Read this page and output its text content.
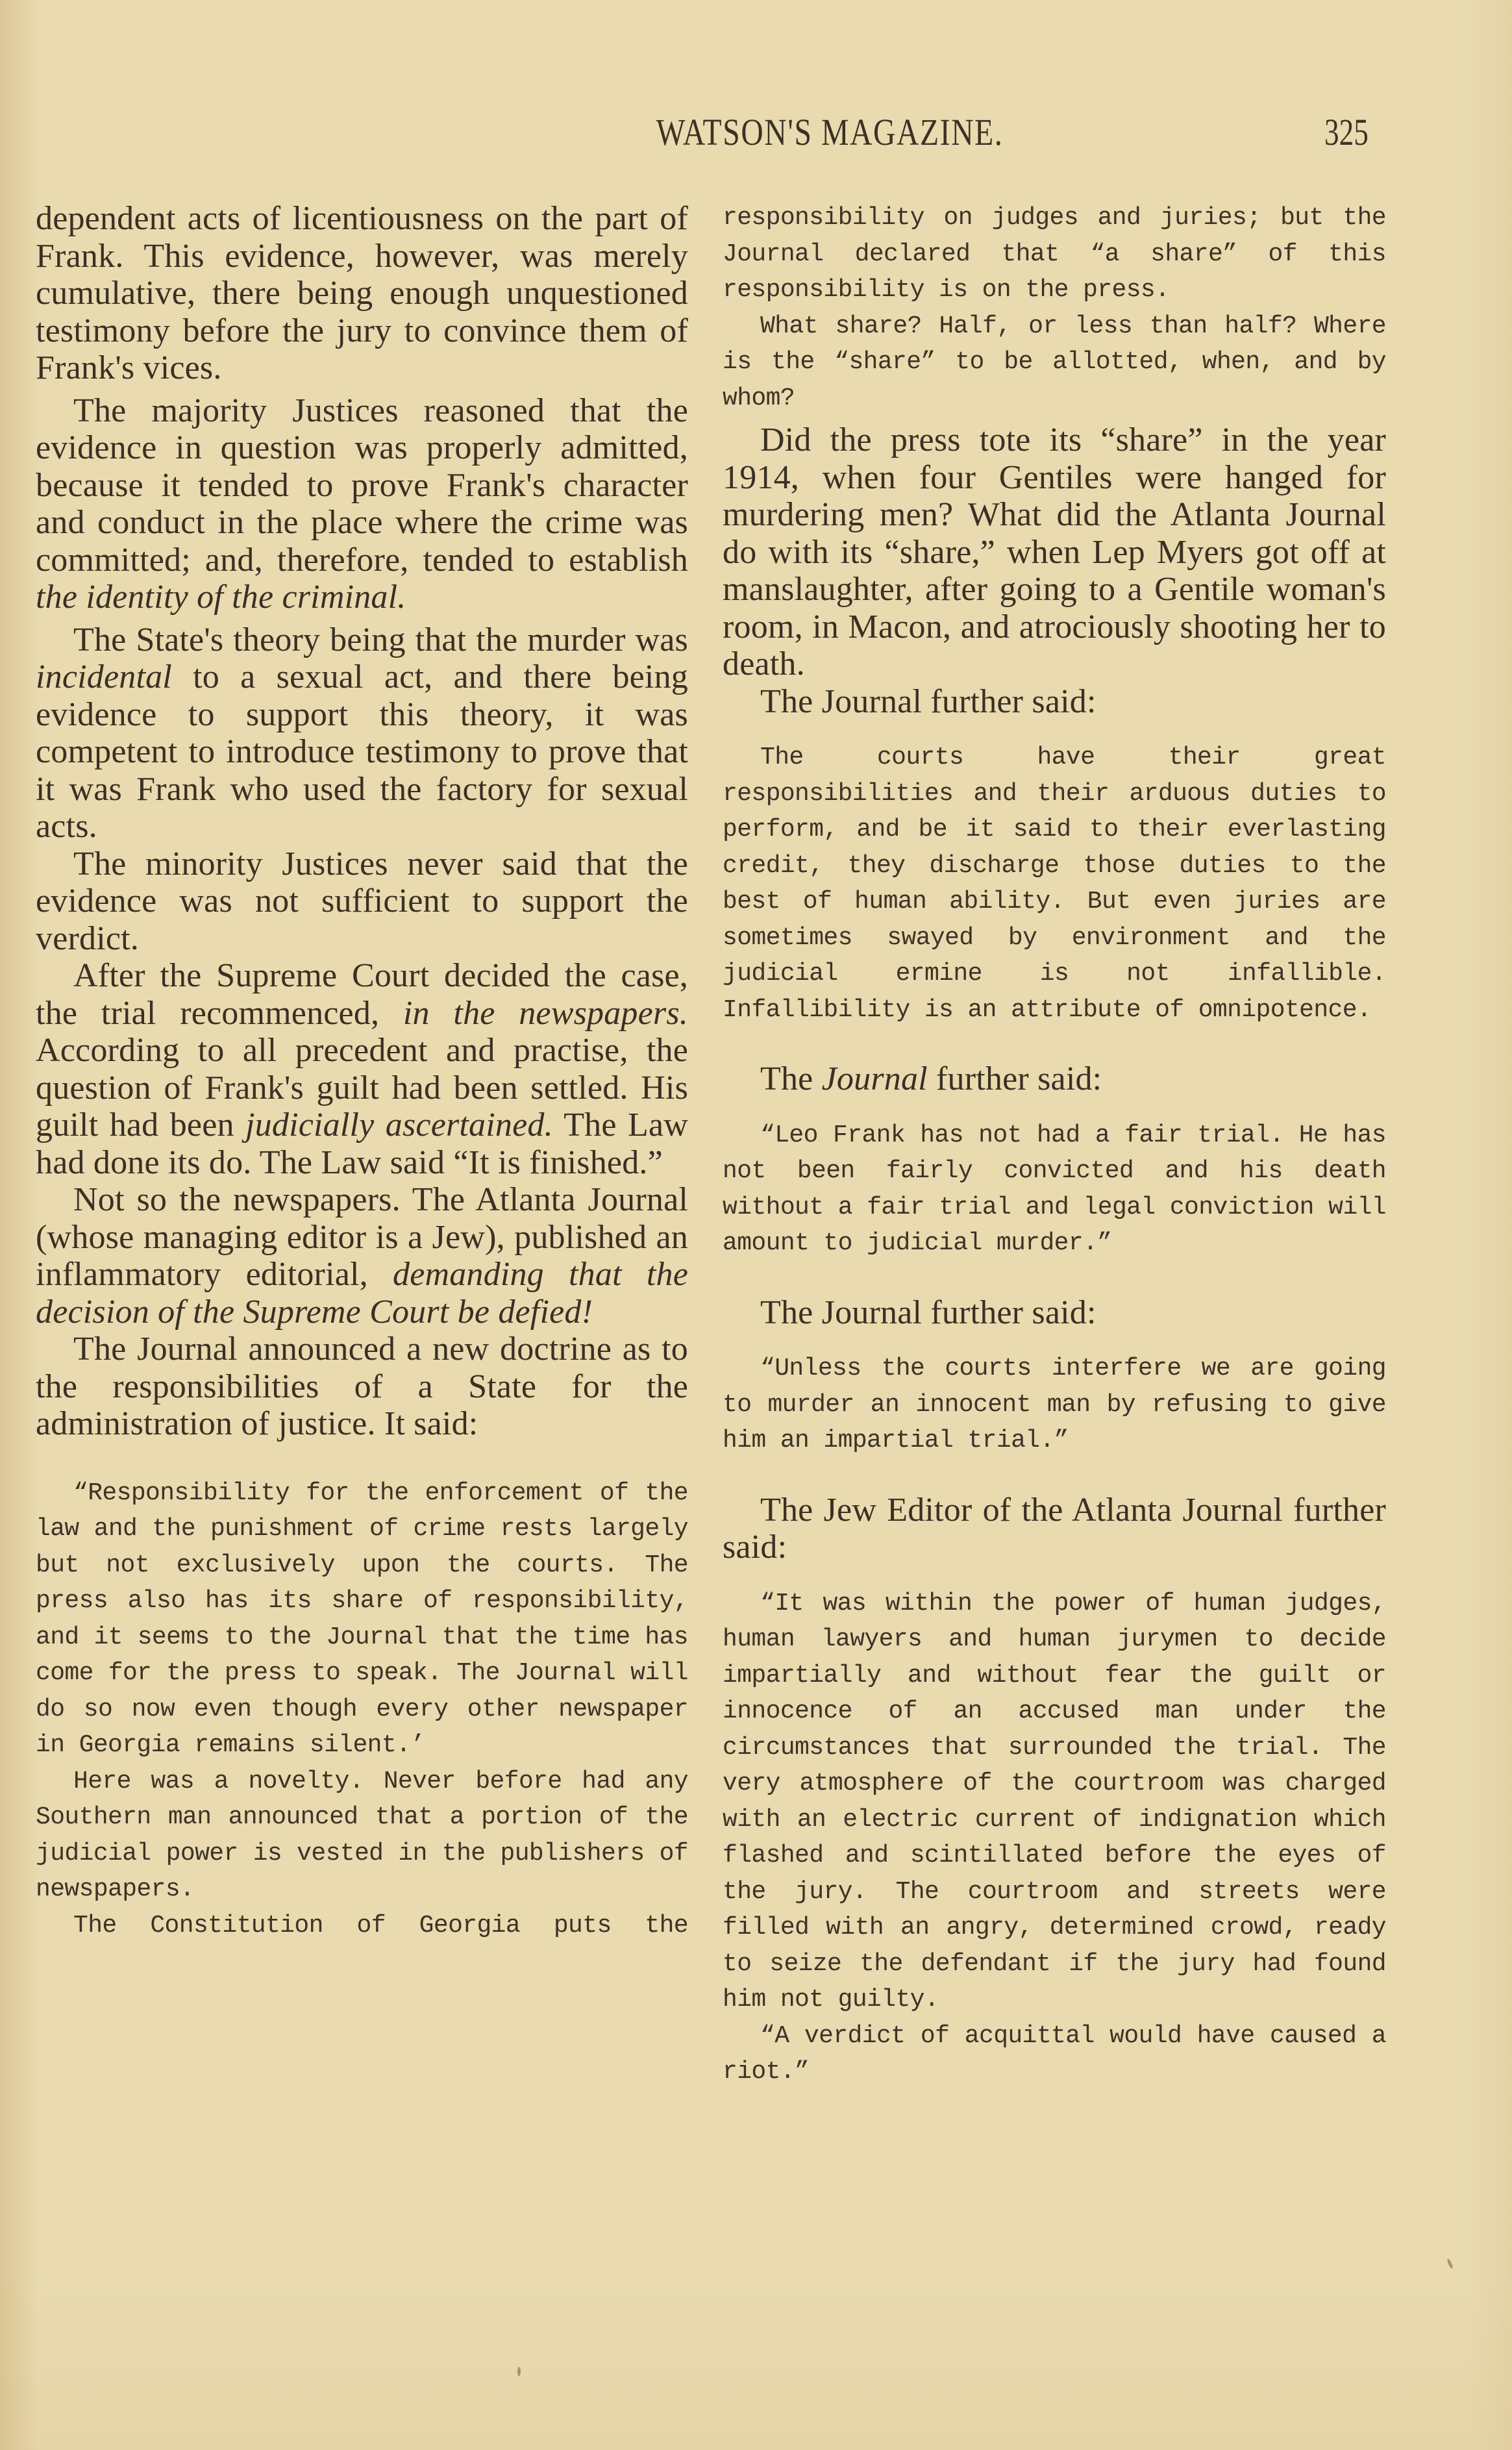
WATSON'S MAGAZINE.	325

dependent acts of licentiousness on the part of Frank. This evidence, however, was merely cumulative, there being enough unquestioned testimony before the jury to convince them of Frank's vices.

The majority Justices reasoned that the evidence in question was properly admitted, because it tended to prove Frank's character and conduct in the place where the crime was committed; and, therefore, tended to establish the identity of the criminal.

The State's theory being that the murder was incidental to a sexual act, and there being evidence to support this theory, it was competent to introduce testimony to prove that it was Frank who used the factory for sexual acts.

The minority Justices never said that the evidence was not sufficient to support the verdict.

After the Supreme Court decided the case, the trial recommenced, in the newspapers. According to all precedent and practise, the question of Frank's guilt had been settled. His guilt had been judicially ascertained. The Law had done its do. The Law said “It is finished.”

Not so the newspapers. The Atlanta Journal (whose managing editor is a Jew), published an inflammatory editorial, demanding that the decision of the Supreme Court be defied!

The Journal announced a new doctrine as to the responsibilities of a State for the administration of justice. It said:

“Responsibility for the enforcement of the law and the punishment of crime rests largely but not exclusively upon the courts. The press also has its share of responsibility, and it seems to the Journal that the time has come for the press to speak. The Journal will do so now even though every other newspaper in Georgia remains silent.’

Here was a novelty. Never before had any Southern man announced that a portion of the judicial power is vested in the publishers of newspapers.

The Constitution of Georgia puts the

responsibility on judges and juries; but the Journal declared that “a share” of this responsibility is on the press.

What share? Half, or less than half? Where is the “share” to be allotted, when, and by whom?

Did the press tote its “share” in the year 1914, when four Gentiles were hanged for murdering men? What did the Atlanta Journal do with its “share,” when Lep Myers got off at manslaughter, after going to a Gentile woman's room, in Macon, and atrociously shooting her to death.

The Journal further said:

The courts have their great responsibilities and their arduous duties to perform, and be it said to their everlasting credit, they discharge those duties to the best of human ability. But even juries are sometimes swayed by environment and the judicial ermine is not infallible. Infallibility is an attribute of omnipotence.

The Journal further said:

“Leo Frank has not had a fair trial. He has not been fairly convicted and his death without a fair trial and legal conviction will amount to judicial murder.”

The Journal further said:

“Unless the courts interfere we are going to murder an innocent man by refusing to give him an impartial trial.”

The Jew Editor of the Atlanta Journal further said:

“It was within the power of human judges, human lawyers and human jurymen to decide impartially and without fear the guilt or innocence of an accused man under the circumstances that surrounded the trial. The very atmosphere of the courtroom was charged with an electric current of indignation which flashed and scintillated before the eyes of the jury. The courtroom and streets were filled with an angry, determined crowd, ready to seize the defendant if the jury had found him not guilty.

“A verdict of acquittal would have caused a riot.”
